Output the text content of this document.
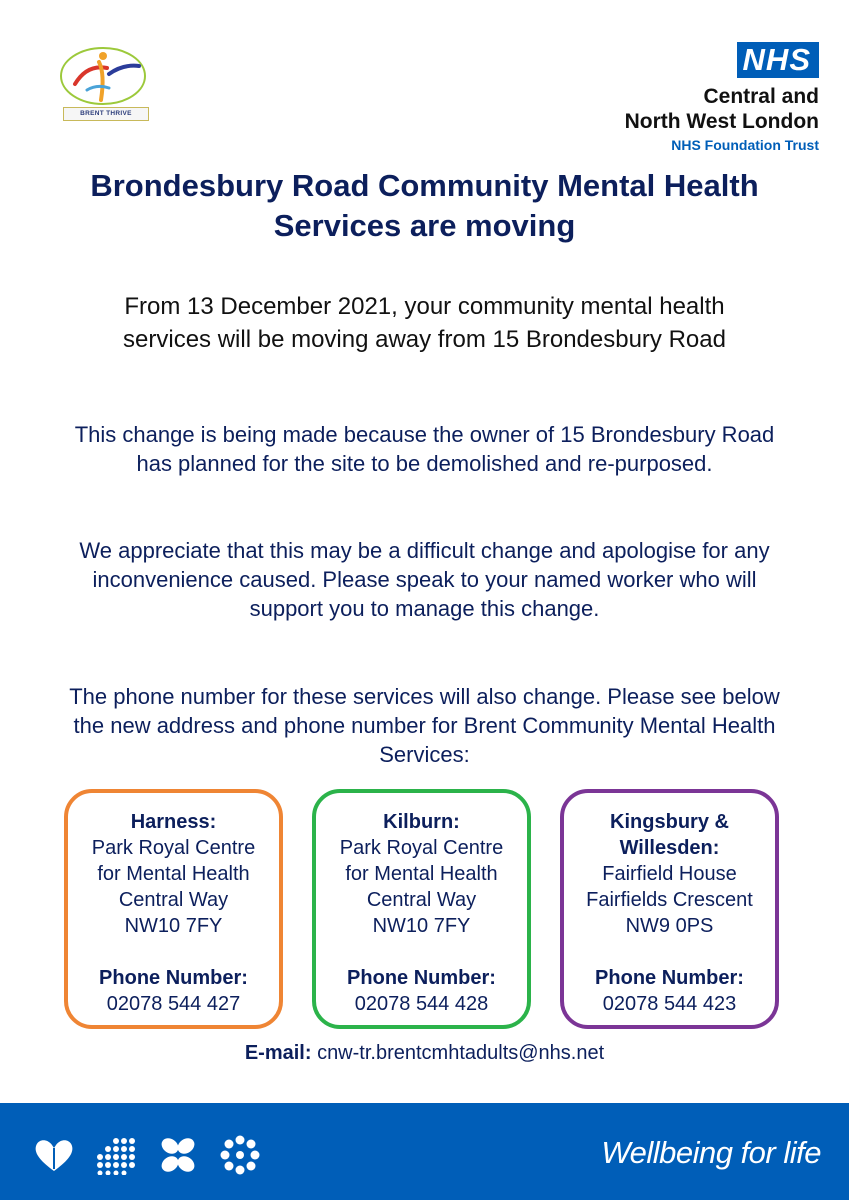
BRENT THRIVE
NHS
Central and
North West London
NHS Foundation Trust
Brondesbury Road Community Mental Health Services are moving

From 13 December 2021, your community mental health services will be moving away from 15 Brondesbury Road

This change is being made because the owner of 15 Brondesbury Road has planned for the site to be demolished and re-purposed.

We appreciate that this may be a difficult change and apologise for any inconvenience caused. Please speak to your named worker who will support you to manage this change.

The phone number for these services will also change. Please see below the new address and phone number for Brent Community Mental Health Services:

Harness:
Park Royal Centre
for Mental Health
Central Way
NW10 7FY
Phone Number:
02078 544 427
Kilburn:
Park Royal Centre
for Mental Health
Central Way
NW10 7FY
Phone Number:
02078 544 428
Kingsbury &
Willesden:
Fairfield House
Fairfields Crescent
NW9 0PS
Phone Number:
02078 544 423
E-mail: cnw-tr.brentcmhtadults@nhs.net
Wellbeing for life
